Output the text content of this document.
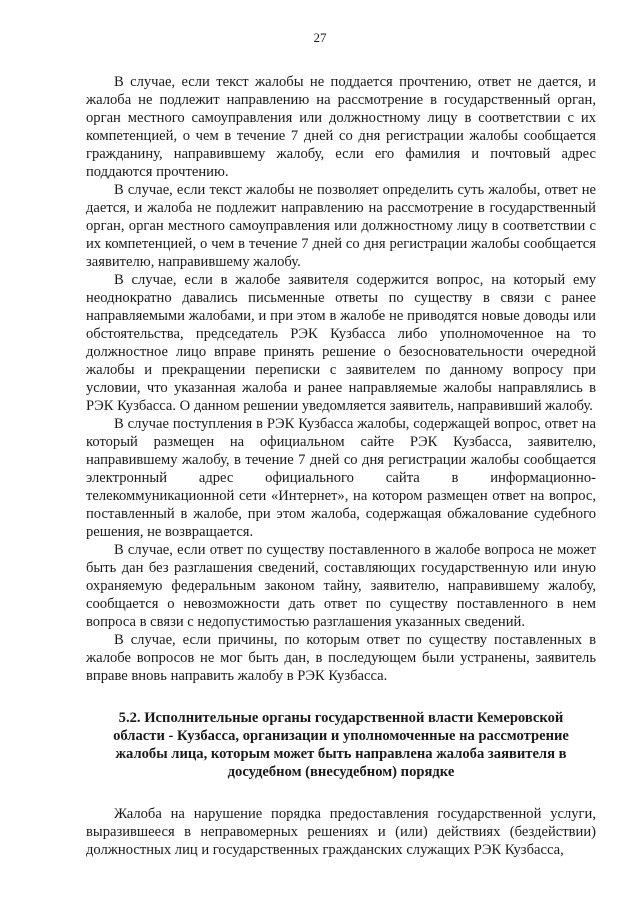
27

В случае, если текст жалобы не поддается прочтению, ответ не дается, и жалоба не подлежит направлению на рассмотрение в государственный орган, орган местного самоуправления или должностному лицу в соответствии с их компетенцией, о чем в течение 7 дней со дня регистрации жалобы сообщается гражданину, направившему жалобу, если его фамилия и почтовый адрес поддаются прочтению.

В случае, если текст жалобы не позволяет определить суть жалобы, ответ не дается, и жалоба не подлежит направлению на рассмотрение в государственный орган, орган местного самоуправления или должностному лицу в соответствии с их компетенцией, о чем в течение 7 дней со дня регистрации жалобы сообщается заявителю, направившему жалобу.

В случае, если в жалобе заявителя содержится вопрос, на который ему неоднократно давались письменные ответы по существу в связи с ранее направляемыми жалобами, и при этом в жалобе не приводятся новые доводы или обстоятельства, председатель РЭК Кузбасса либо уполномоченное на то должностное лицо вправе принять решение о безосновательности очередной жалобы и прекращении переписки с заявителем по данному вопросу при условии, что указанная жалоба и ранее направляемые жалобы направлялись в РЭК Кузбасса. О данном решении уведомляется заявитель, направивший жалобу.

В случае поступления в РЭК Кузбасса жалобы, содержащей вопрос, ответ на который размещен на официальном сайте РЭК Кузбасса, заявителю, направившему жалобу, в течение 7 дней со дня регистрации жалобы сообщается электронный адрес официального сайта в информационно-телекоммуникационной сети «Интернет», на котором размещен ответ на вопрос, поставленный в жалобе, при этом жалоба, содержащая обжалование судебного решения, не возвращается.

В случае, если ответ по существу поставленного в жалобе вопроса не может быть дан без разглашения сведений, составляющих государственную или иную охраняемую федеральным законом тайну, заявителю, направившему жалобу, сообщается о невозможности дать ответ по существу поставленного в нем вопроса в связи с недопустимостью разглашения указанных сведений.

В случае, если причины, по которым ответ по существу поставленных в жалобе вопросов не мог быть дан, в последующем были устранены, заявитель вправе вновь направить жалобу в РЭК Кузбасса.

5.2. Исполнительные органы государственной власти Кемеровской области - Кузбасса, организации и уполномоченные на рассмотрение жалобы лица, которым может быть направлена жалоба заявителя в досудебном (внесудебном) порядке

Жалоба на нарушение порядка предоставления государственной услуги, выразившееся в неправомерных решениях и (или) действиях (бездействии) должностных лиц и государственных гражданских служащих РЭК Кузбасса,
